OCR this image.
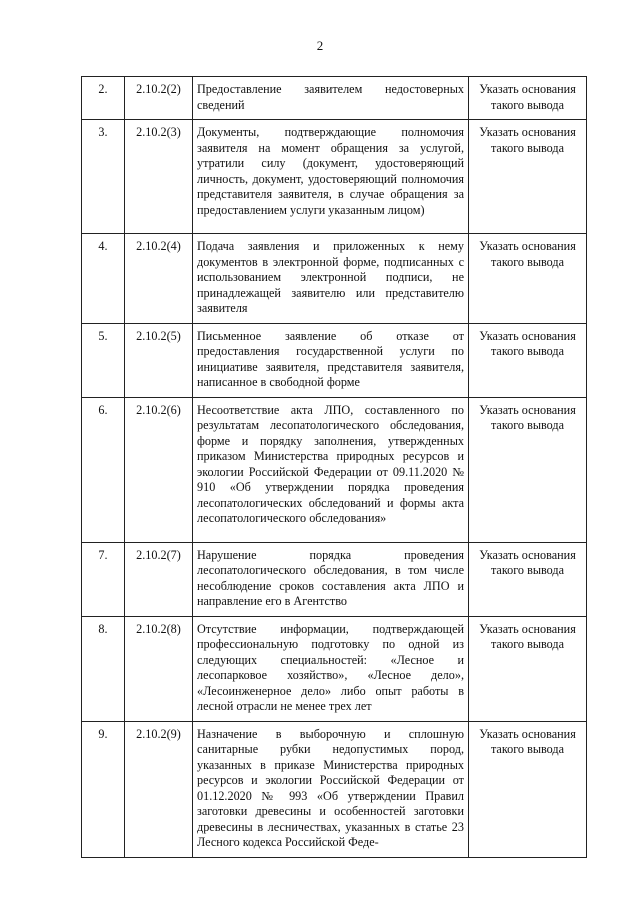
2
2.	2.10.2(2)	Предоставление заявителем недостоверных сведений	Указать основания такого вывода
3.	2.10.2(3)	Документы, подтверждающие полномочия заявителя на момент обращения за услугой, утратили силу (документ, удостоверяющий личность, документ, удостоверяющий полномочия представителя заявителя, в случае обращения за предоставлением услуги указанным лицом)	Указать основания такого вывода
4.	2.10.2(4)	Подача заявления и приложенных к нему документов в электронной форме, подписанных с использованием электронной подписи, не принадлежащей заявителю или представителю заявителя	Указать основания такого вывода
5.	2.10.2(5)	Письменное заявление об отказе от предоставления государственной услуги по инициативе заявителя, представителя заявителя, написанное в свободной форме	Указать основания такого вывода
6.	2.10.2(6)	Несоответствие акта ЛПО, составленного по результатам лесопатологического обследования, форме и порядку заполнения, утвержденных приказом Министерства природных ресурсов и экологии Российской Федерации от 09.11.2020 № 910 «Об утверждении порядка проведения лесопатологических обследований и формы акта лесопатологического обследования»	Указать основания такого вывода
7.	2.10.2(7)	Нарушение порядка проведения лесопатологического обследования, в том числе несоблюдение сроков составления акта ЛПО и направление его в Агентство	Указать основания такого вывода
8.	2.10.2(8)	Отсутствие информации, подтверждающей профессиональную подготовку по одной из следующих специальностей: «Лесное и лесопарковое хозяйство», «Лесное дело», «Лесоинженерное дело» либо опыт работы в лесной отрасли не менее трех лет	Указать основания такого вывода
9.	2.10.2(9)	Назначение в выборочную и сплошную санитарные рубки недопустимых пород, указанных в приказе Министерства природных ресурсов и экологии Российской Федерации от 01.12.2020 № 993 «Об утверждении Правил заготовки древесины и особенностей заготовки древесины в лесничествах, указанных в статье 23 Лесного кодекса Российской Феде-	Указать основания такого вывода
